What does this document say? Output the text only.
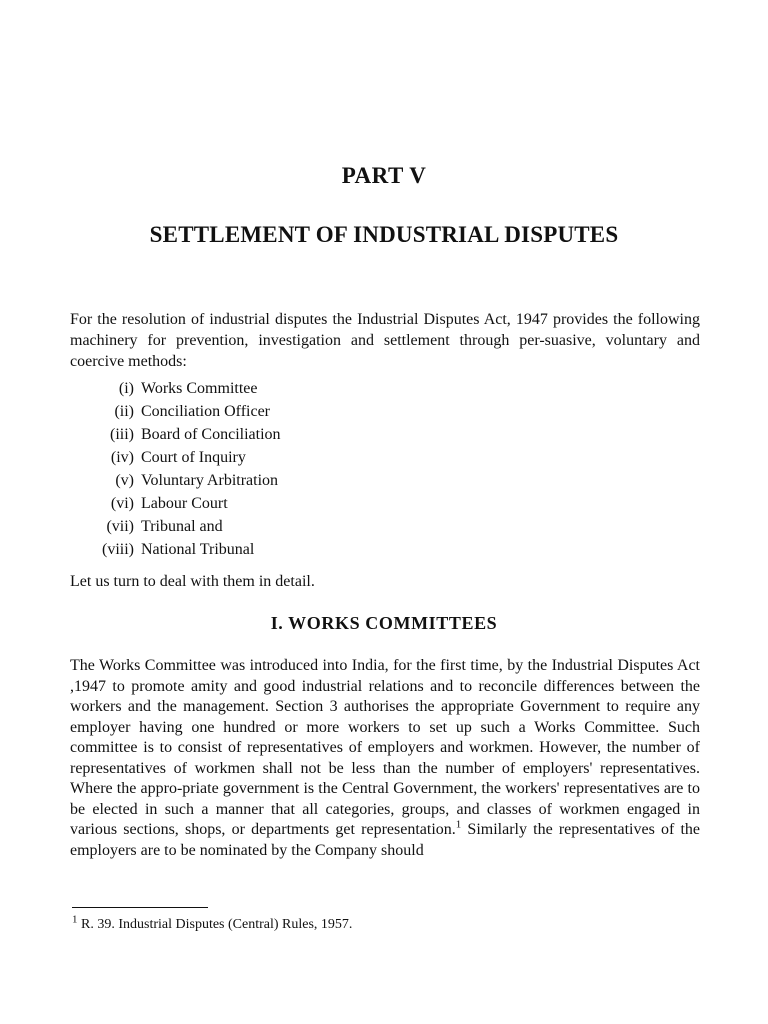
PART V
SETTLEMENT OF INDUSTRIAL DISPUTES
For the resolution of industrial disputes the Industrial Disputes Act, 1947 provides the following machinery for prevention, investigation and settlement through per-suasive, voluntary and coercive methods:
(i) Works Committee
(ii) Conciliation Officer
(iii) Board of Conciliation
(iv) Court of Inquiry
(v) Voluntary Arbitration
(vi) Labour Court
(vii) Tribunal and
(viii) National Tribunal
Let us turn to deal with them in detail.
I. WORKS COMMITTEES
The Works Committee was introduced into India, for the first time, by the Industrial Disputes Act ,1947 to promote amity and good industrial relations and to reconcile differences between the workers and the management. Section 3 authorises the appropriate Government to require any employer having one hundred or more workers to set up such a Works Committee. Such committee is to consist of representatives of employers and workmen. However, the number of representatives of workmen shall not be less than the number of employers' representatives. Where the appro-priate government is the Central Government, the workers' representatives are to be elected in such a manner that all categories, groups, and classes of workmen engaged in various sections, shops, or departments get representation.$^1$ Similarly the representatives of the employers are to be nominated by the Company should
$^1$ R. 39. Industrial Disputes (Central) Rules, 1957.
